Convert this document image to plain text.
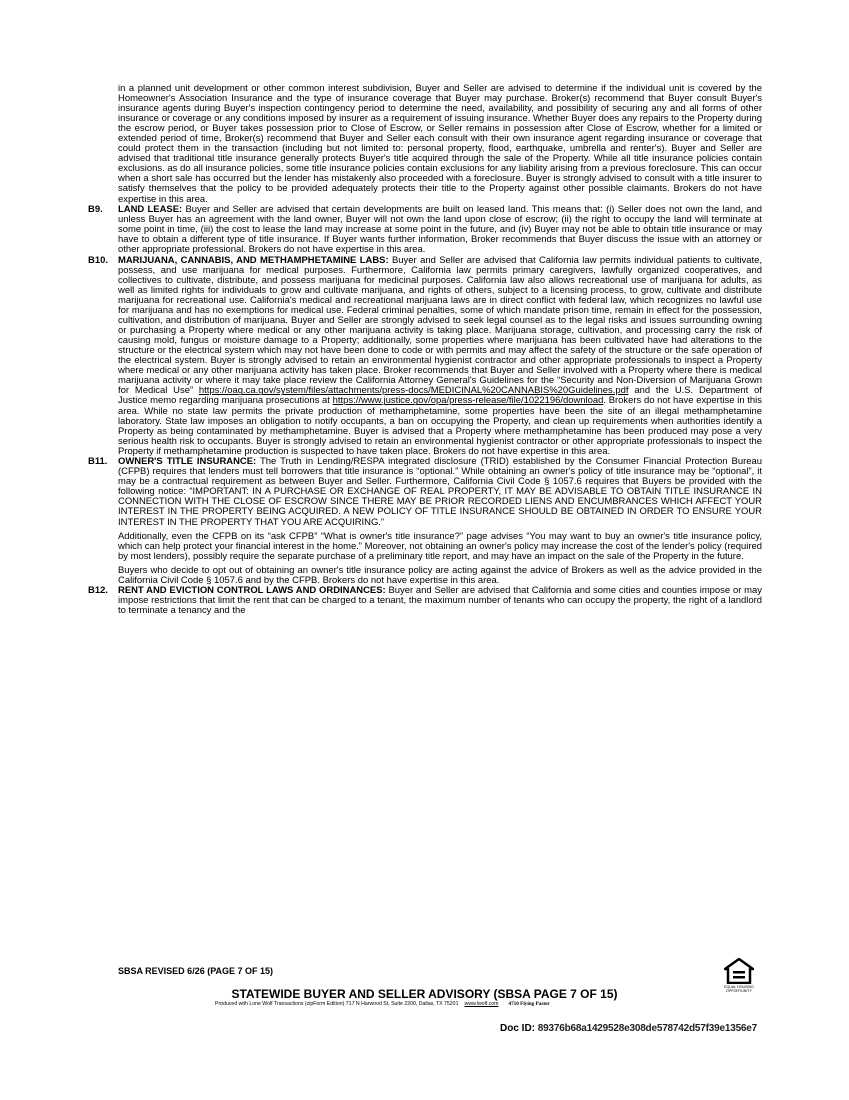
in a planned unit development or other common interest subdivision, Buyer and Seller are advised to determine if the individual unit is covered by the Homeowner's Association Insurance and the type of insurance coverage that Buyer may purchase. Broker(s) recommend that Buyer consult Buyer's insurance agents during Buyer's inspection contingency period to determine the need, availability, and possibility of securing any and all forms of other insurance or coverage or any conditions imposed by insurer as a requirement of issuing insurance. Whether Buyer does any repairs to the Property during the escrow period, or Buyer takes possession prior to Close of Escrow, or Seller remains in possession after Close of Escrow, whether for a limited or extended period of time, Broker(s) recommend that Buyer and Seller each consult with their own insurance agent regarding insurance or coverage that could protect them in the transaction (including but not limited to: personal property, flood, earthquake, umbrella and renter's). Buyer and Seller are advised that traditional title insurance generally protects Buyer's title acquired through the sale of the Property. While all title insurance policies contain exclusions. as do all insurance policies, some title insurance policies contain exclusions for any liability arising from a previous foreclosure. This can occur when a short sale has occurred but the lender has mistakenly also proceeded with a foreclosure. Buyer is strongly advised to consult with a title insurer to satisfy themselves that the policy to be provided adequately protects their title to the Property against other possible claimants. Brokers do not have expertise in this area.

B9. LAND LEASE: Buyer and Seller are advised that certain developments are built on leased land. This means that: (i) Seller does not own the land, and unless Buyer has an agreement with the land owner, Buyer will not own the land upon close of escrow; (ii) the right to occupy the land will terminate at some point in time, (iii) the cost to lease the land may increase at some point in the future, and (iv) Buyer may not be able to obtain title insurance or may have to obtain a different type of title insurance. If Buyer wants further information, Broker recommends that Buyer discuss the issue with an attorney or other appropriate professional. Brokers do not have expertise in this area.

B10. MARIJUANA, CANNABIS, AND METHAMPHETAMINE LABS: Buyer and Seller are advised that California law permits individual patients to cultivate, possess, and use marijuana for medical purposes. Furthermore, California law permits primary caregivers, lawfully organized cooperatives, and collectives to cultivate, distribute, and possess marijuana for medicinal purposes. California law also allows recreational use of marijuana for adults, as well as limited rights for individuals to grow and cultivate marijuana, and rights of others, subject to a licensing process, to grow, cultivate and distribute marijuana for recreational use. California's medical and recreational marijuana laws are in direct conflict with federal law, which recognizes no lawful use for marijuana and has no exemptions for medical use. Federal criminal penalties, some of which mandate prison time, remain in effect for the possession, cultivation, and distribution of marijuana. Buyer and Seller are strongly advised to seek legal counsel as to the legal risks and issues surrounding owning or purchasing a Property where medical or any other marijuana activity is taking place. Marijuana storage, cultivation, and processing carry the risk of causing mold, fungus or moisture damage to a Property; additionally, some properties where marijuana has been cultivated have had alterations to the structure or the electrical system which may not have been done to code or with permits and may affect the safety of the structure or the safe operation of the electrical system. Buyer is strongly advised to retain an environmental hygienist contractor and other appropriate professionals to inspect a Property where medical or any other marijuana activity has taken place. Broker recommends that Buyer and Seller involved with a Property where there is medical marijuana activity or where it may take place review the California Attorney General's Guidelines for the “Security and Non-Diversion of Marijuana Grown for Medical Use” https://oag.ca.gov/system/files/attachments/press-docs/MEDICINAL%20CANNABIS%20Guidelines.pdf and the U.S. Department of Justice memo regarding marijuana prosecutions at https://www.justice.gov/opa/press-release/file/1022196/download. Brokers do not have expertise in this area. While no state law permits the private production of methamphetamine, some properties have been the site of an illegal methamphetamine laboratory. State law imposes an obligation to notify occupants, a ban on occupying the Property, and clean up requirements when authorities identify a Property as being contaminated by methamphetamine. Buyer is advised that a Property where methamphetamine has been produced may pose a very serious health risk to occupants. Buyer is strongly advised to retain an environmental hygienist contractor or other appropriate professionals to inspect the Property if methamphetamine production is suspected to have taken place. Brokers do not have expertise in this area.

B11. OWNER'S TITLE INSURANCE: The Truth in Lending/RESPA integrated disclosure (TRID) established by the Consumer Financial Protection Bureau (CFPB) requires that lenders must tell borrowers that title insurance is “optional.” While obtaining an owner's policy of title insurance may be “optional”, it may be a contractual requirement as between Buyer and Seller. Furthermore, California Civil Code § 1057.6 requires that Buyers be provided with the following notice: “IMPORTANT: IN A PURCHASE OR EXCHANGE OF REAL PROPERTY, IT MAY BE ADVISABLE TO OBTAIN TITLE INSURANCE IN CONNECTION WITH THE CLOSE OF ESCROW SINCE THERE MAY BE PRIOR RECORDED LIENS AND ENCUMBRANCES WHICH AFFECT YOUR INTEREST IN THE PROPERTY BEING ACQUIRED. A NEW POLICY OF TITLE INSURANCE SHOULD BE OBTAINED IN ORDER TO ENSURE YOUR INTEREST IN THE PROPERTY THAT YOU ARE ACQUIRING.”

Additionally, even the CFPB on its “ask CFPB” “What is owner's title insurance?” page advises “You may want to buy an owner's title insurance policy, which can help protect your financial interest in the home.” Moreover, not obtaining an owner's policy may increase the cost of the lender's policy (required by most lenders), possibly require the separate purchase of a preliminary title report, and may have an impact on the sale of the Property in the future.

Buyers who decide to opt out of obtaining an owner's title insurance policy are acting against the advice of Brokers as well as the advice provided in the California Civil Code § 1057.6 and by the CFPB. Brokers do not have expertise in this area.

B12. RENT AND EVICTION CONTROL LAWS AND ORDINANCES: Buyer and Seller are advised that California and some cities and counties impose or may impose restrictions that limit the rent that can be charged to a tenant, the maximum number of tenants who can occupy the property, the right of a landlord to terminate a tenancy and the

SBSA REVISED 6/26 (PAGE 7 OF 15)
EQUAL HOUSING OPPORTUNITY
STATEWIDE BUYER AND SELLER ADVISORY (SBSA PAGE 7 OF 15)
Produced with Lone Wolf Transactions (zipForm Edition) 717 N Harwood St, Suite 2200, Dallas, TX 75201 www.lwolf.com 4710 Flying Paster
Doc ID: 89376b68a1429528e308de578742d57f39e1356e7
